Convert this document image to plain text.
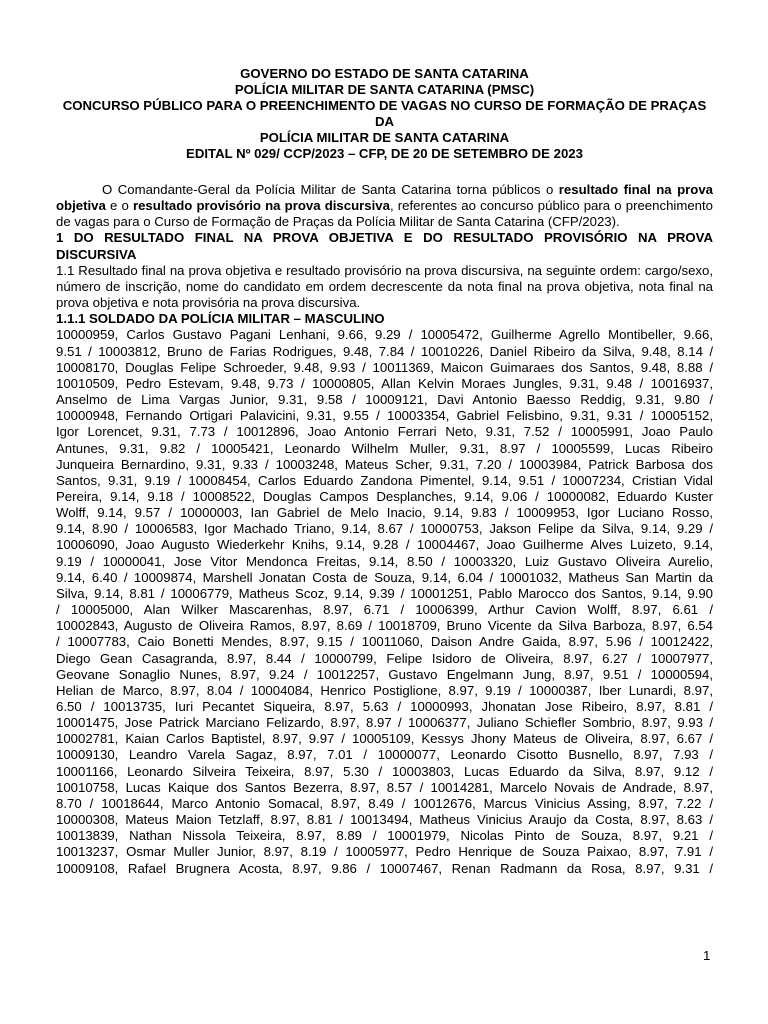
GOVERNO DO ESTADO DE SANTA CATARINA

POLÍCIA MILITAR DE SANTA CATARINA (PMSC)

CONCURSO PÚBLICO PARA O PREENCHIMENTO DE VAGAS NO CURSO DE FORMAÇÃO DE PRAÇAS DA

POLÍCIA MILITAR DE SANTA CATARINA

EDITAL Nº 029/ CCP/2023 – CFP, DE 20 DE SETEMBRO DE 2023

O Comandante-Geral da Polícia Militar de Santa Catarina torna públicos o resultado final na prova objetiva e o resultado provisório na prova discursiva, referentes ao concurso público para o preenchimento de vagas para o Curso de Formação de Praças da Polícia Militar de Santa Catarina (CFP/2023).

1 DO RESULTADO FINAL NA PROVA OBJETIVA E DO RESULTADO PROVISÓRIO NA PROVA DISCURSIVA

1.1 Resultado final na prova objetiva e resultado provisório na prova discursiva, na seguinte ordem: cargo/sexo, número de inscrição, nome do candidato em ordem decrescente da nota final na prova objetiva, nota final na prova objetiva e nota provisória na prova discursiva.

1.1.1 SOLDADO DA POLÍCIA MILITAR – MASCULINO

10000959, Carlos Gustavo Pagani Lenhani, 9.66, 9.29 / 10005472, Guilherme Agrello Montibeller, 9.66,

9.51 / 10003812, Bruno de Farias Rodrigues, 9.48, 7.84 / 10010226, Daniel Ribeiro da Silva, 9.48, 8.14 /

10008170, Douglas Felipe Schroeder, 9.48, 9.93 / 10011369, Maicon Guimaraes dos Santos, 9.48, 8.88 /

10010509, Pedro Estevam, 9.48, 9.73 / 10000805, Allan Kelvin Moraes Jungles, 9.31, 9.48 / 10016937,

Anselmo de Lima Vargas Junior, 9.31, 9.58 / 10009121, Davi Antonio Baesso Reddig, 9.31, 9.80 /

10000948, Fernando Ortigari Palavicini, 9.31, 9.55 / 10003354, Gabriel Felisbino, 9.31, 9.31 / 10005152,

Igor Lorencet, 9.31, 7.73 / 10012896, Joao Antonio Ferrari Neto, 9.31, 7.52 / 10005991, Joao Paulo

Antunes, 9.31, 9.82 / 10005421, Leonardo Wilhelm Muller, 9.31, 8.97 / 10005599, Lucas Ribeiro

Junqueira Bernardino, 9.31, 9.33 / 10003248, Mateus Scher, 9.31, 7.20 / 10003984, Patrick Barbosa dos

Santos, 9.31, 9.19 / 10008454, Carlos Eduardo Zandona Pimentel, 9.14, 9.51 / 10007234, Cristian Vidal

Pereira, 9.14, 9.18 / 10008522, Douglas Campos Desplanches, 9.14, 9.06 / 10000082, Eduardo Kuster

Wolff, 9.14, 9.57 / 10000003, Ian Gabriel de Melo Inacio, 9.14, 9.83 / 10009953, Igor Luciano Rosso,

9.14, 8.90 / 10006583, Igor Machado Triano, 9.14, 8.67 / 10000753, Jakson Felipe da Silva, 9.14, 9.29 /

10006090, Joao Augusto Wiederkehr Knihs, 9.14, 9.28 / 10004467, Joao Guilherme Alves Luizeto, 9.14,

9.19 / 10000041, Jose Vitor Mendonca Freitas, 9.14, 8.50 / 10003320, Luiz Gustavo Oliveira Aurelio,

9.14, 6.40 / 10009874, Marshell Jonatan Costa de Souza, 9.14, 6.04 / 10001032, Matheus San Martin da

Silva, 9.14, 8.81 / 10006779, Matheus Scoz, 9.14, 9.39 / 10001251, Pablo Marocco dos Santos, 9.14, 9.90

/ 10005000, Alan Wilker Mascarenhas, 8.97, 6.71 / 10006399, Arthur Cavion Wolff, 8.97, 6.61 /

10002843, Augusto de Oliveira Ramos, 8.97, 8.69 / 10018709, Bruno Vicente da Silva Barboza, 8.97, 6.54

/ 10007783, Caio Bonetti Mendes, 8.97, 9.15 / 10011060, Daison Andre Gaida, 8.97, 5.96 / 10012422,

Diego Gean Casagranda, 8.97, 8.44 / 10000799, Felipe Isidoro de Oliveira, 8.97, 6.27 / 10007977,

Geovane Sonaglio Nunes, 8.97, 9.24 / 10012257, Gustavo Engelmann Jung, 8.97, 9.51 / 10000594,

Helian de Marco, 8.97, 8.04 / 10004084, Henrico Postiglione, 8.97, 9.19 / 10000387, Iber Lunardi, 8.97,

6.50 / 10013735, Iuri Pecantet Siqueira, 8.97, 5.63 / 10000993, Jhonatan Jose Ribeiro, 8.97, 8.81 /

10001475, Jose Patrick Marciano Felizardo, 8.97, 8.97 / 10006377, Juliano Schiefler Sombrio, 8.97, 9.93 /

10002781, Kaian Carlos Baptistel, 8.97, 9.97 / 10005109, Kessys Jhony Mateus de Oliveira, 8.97, 6.67 /

10009130, Leandro Varela Sagaz, 8.97, 7.01 / 10000077, Leonardo Cisotto Busnello, 8.97, 7.93 /

10001166, Leonardo Silveira Teixeira, 8.97, 5.30 / 10003803, Lucas Eduardo da Silva, 8.97, 9.12 /

10010758, Lucas Kaique dos Santos Bezerra, 8.97, 8.57 / 10014281, Marcelo Novais de Andrade, 8.97,

8.70 / 10018644, Marco Antonio Somacal, 8.97, 8.49 / 10012676, Marcus Vinicius Assing, 8.97, 7.22 /

10000308, Mateus Maion Tetzlaff, 8.97, 8.81 / 10013494, Matheus Vinicius Araujo da Costa, 8.97, 8.63 /

10013839, Nathan Nissola Teixeira, 8.97, 8.89 / 10001979, Nicolas Pinto de Souza, 8.97, 9.21 /

10013237, Osmar Muller Junior, 8.97, 8.19 / 10005977, Pedro Henrique de Souza Paixao, 8.97, 7.91 /

10009108, Rafael Brugnera Acosta, 8.97, 9.86 / 10007467, Renan Radmann da Rosa, 8.97, 9.31 /

1
